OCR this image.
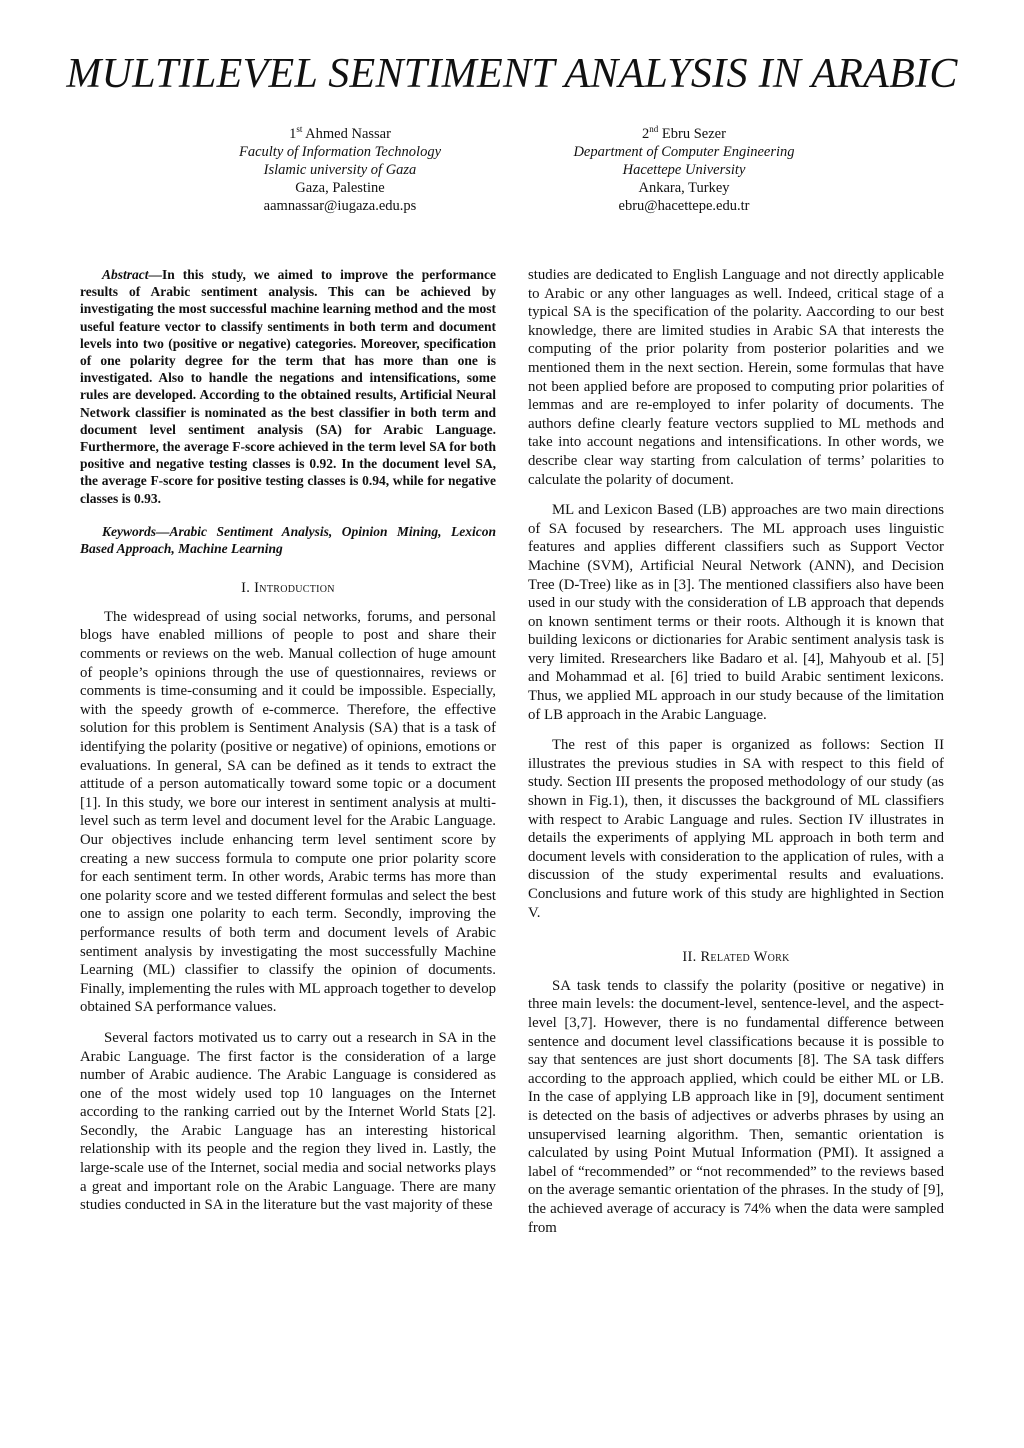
MULTILEVEL SENTIMENT ANALYSIS IN ARABIC
1st Ahmed Nassar
Faculty of Information Technology
Islamic university of Gaza
Gaza, Palestine
aamnassar@iugaza.edu.ps
2nd Ebru Sezer
Department of Computer Engineering
Hacettepe University
Ankara, Turkey
ebru@hacettepe.edu.tr

Abstract—In this study, we aimed to improve the performance results of Arabic sentiment analysis. This can be achieved by investigating the most successful machine learning method and the most useful feature vector to classify sentiments in both term and document levels into two (positive or negative) categories. Moreover, specification of one polarity degree for the term that has more than one is investigated. Also to handle the negations and intensifications, some rules are developed. According to the obtained results, Artificial Neural Network classifier is nominated as the best classifier in both term and document level sentiment analysis (SA) for Arabic Language. Furthermore, the average F-score achieved in the term level SA for both positive and negative testing classes is 0.92. In the document level SA, the average F-score for positive testing classes is 0.94, while for negative classes is 0.93.

Keywords—Arabic Sentiment Analysis, Opinion Mining, Lexicon Based Approach, Machine Learning

I. Introduction

The widespread of using social networks, forums, and personal blogs have enabled millions of people to post and share their comments or reviews on the web. Manual collection of huge amount of people’s opinions through the use of questionnaires, reviews or comments is time-consuming and it could be impossible. Especially, with the speedy growth of e-commerce. Therefore, the effective solution for this problem is Sentiment Analysis (SA) that is a task of identifying the polarity (positive or negative) of opinions, emotions or evaluations. In general, SA can be defined as it tends to extract the attitude of a person automatically toward some topic or a document [1]. In this study, we bore our interest in sentiment analysis at multi-level such as term level and document level for the Arabic Language. Our objectives include enhancing term level sentiment score by creating a new success formula to compute one prior polarity score for each sentiment term. In other words, Arabic terms has more than one polarity score and we tested different formulas and select the best one to assign one polarity to each term. Secondly, improving the performance results of both term and document levels of Arabic sentiment analysis by investigating the most successfully Machine Learning (ML) classifier to classify the opinion of documents. Finally, implementing the rules with ML approach together to develop obtained SA performance values.

Several factors motivated us to carry out a research in SA in the Arabic Language. The first factor is the consideration of a large number of Arabic audience. The Arabic Language is considered as one of the most widely used top 10 languages on the Internet according to the ranking carried out by the Internet World Stats [2]. Secondly, the Arabic Language has an interesting historical relationship with its people and the region they lived in. Lastly, the large-scale use of the Internet, social media and social networks plays a great and important role on the Arabic Language. There are many studies conducted in SA in the literature but the vast majority of these

studies are dedicated to English Language and not directly applicable to Arabic or any other languages as well. Indeed, critical stage of a typical SA is the specification of the polarity. Aaccording to our best knowledge, there are limited studies in Arabic SA that interests the computing of the prior polarity from posterior polarities and we mentioned them in the next section. Herein, some formulas that have not been applied before are proposed to computing prior polarities of lemmas and are re-employed to infer polarity of documents. The authors define clearly feature vectors supplied to ML methods and take into account negations and intensifications. In other words, we describe clear way starting from calculation of terms’ polarities to calculate the polarity of document.

ML and Lexicon Based (LB) approaches are two main directions of SA focused by researchers. The ML approach uses linguistic features and applies different classifiers such as Support Vector Machine (SVM), Artificial Neural Network (ANN), and Decision Tree (D-Tree) like as in [3]. The mentioned classifiers also have been used in our study with the consideration of LB approach that depends on known sentiment terms or their roots. Although it is known that building lexicons or dictionaries for Arabic sentiment analysis task is very limited. Rresearchers like Badaro et al. [4], Mahyoub et al. [5] and Mohammad et al. [6] tried to build Arabic sentiment lexicons. Thus, we applied ML approach in our study because of the limitation of LB approach in the Arabic Language.

The rest of this paper is organized as follows: Section II illustrates the previous studies in SA with respect to this field of study. Section III presents the proposed methodology of our study (as shown in Fig.1), then, it discusses the background of ML classifiers with respect to Arabic Language and rules. Section IV illustrates in details the experiments of applying ML approach in both term and document levels with consideration to the application of rules, with a discussion of the study experimental results and evaluations. Conclusions and future work of this study are highlighted in Section V.

II. Related Work

SA task tends to classify the polarity (positive or negative) in three main levels: the document-level, sentence-level, and the aspect-level [3,7]. However, there is no fundamental difference between sentence and document level classifications because it is possible to say that sentences are just short documents [8]. The SA task differs according to the approach applied, which could be either ML or LB. In the case of applying LB approach like in [9], document sentiment is detected on the basis of adjectives or adverbs phrases by using an unsupervised learning algorithm. Then, semantic orientation is calculated by using Point Mutual Information (PMI). It assigned a label of “recommended” or “not recommended” to the reviews based on the average semantic orientation of the phrases. In the study of [9], the achieved average of accuracy is 74% when the data were sampled from
